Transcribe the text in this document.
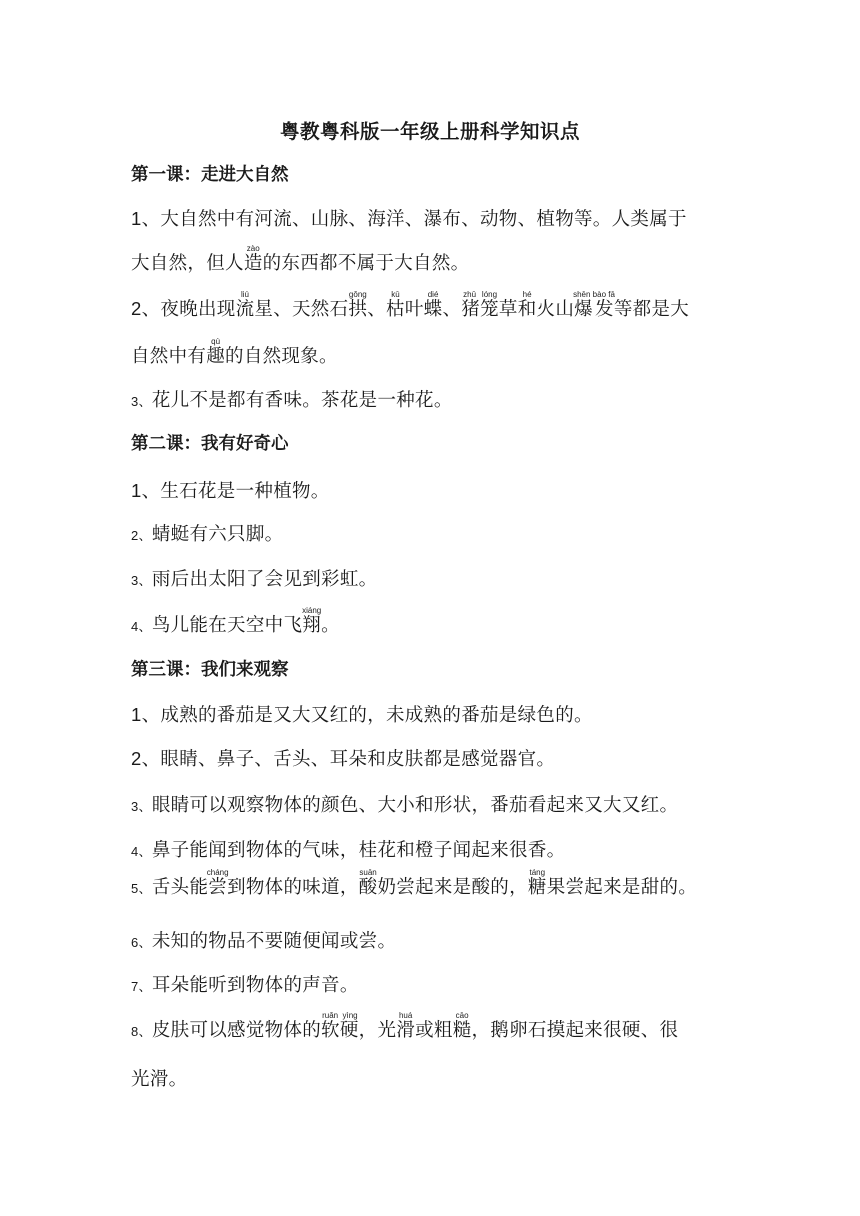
粤教粤科版一年级上册科学知识点
第一课：走进大自然
1、大自然中有河流、山脉、海洋、瀑布、动物、植物等。人类属于
大自然，但人造zào的东西都不属于大自然。
2、夜晚出现流liú星、天然石拱ɡǒnɡ、枯kū叶蝶dié、猪笼zhū lónɡ草和hé火山爆发shēn bào fā等都是大
自然中有趣qù的自然现象。
3、花儿不是都有香味。茶花是一种花。
第二课：我有好奇心
1、生石花是一种植物。
2、蜻蜓有六只脚。
3、雨后出太阳了会见到彩虹。
4、鸟儿能在天空中飞翔xiánɡ。
第三课：我们来观察
1、成熟的番茄是又大又红的，未成熟的番茄是绿色的。
2、眼睛、鼻子、舌头、耳朵和皮肤都是感觉器官。
3、眼睛可以观察物体的颜色、大小和形状，番茄看起来又大又红。
4、鼻子能闻到物体的气味，桂花和橙子闻起来很香。
5、舌头能尝chánɡ到物体的味道，酸suān奶尝起来是酸的，糖tánɡ果尝起来是甜的。
6、未知的物品不要随便闻或尝。
7、耳朵能听到物体的声音。
8、皮肤可以感觉物体的软硬ruǎn yìnɡ，光滑huá或粗糙cāo，鹅卵石摸起来很硬、很
光滑。
